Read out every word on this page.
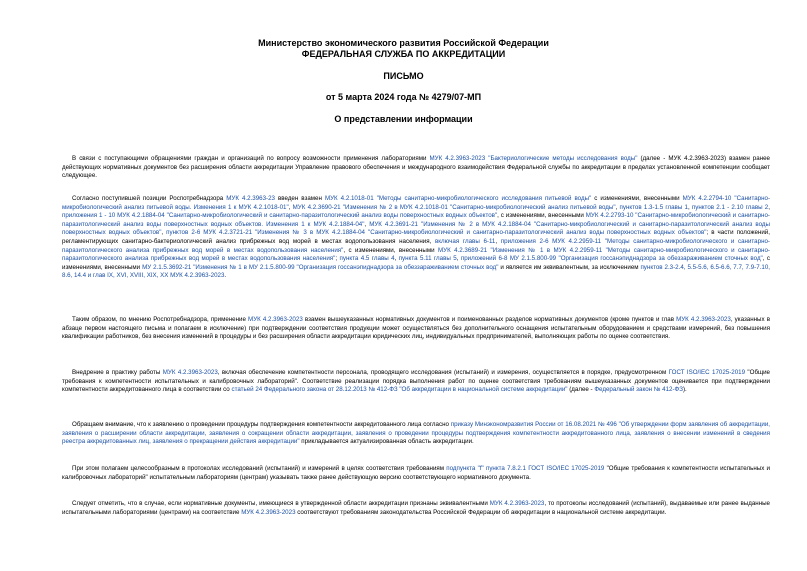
Министерство экономического развития Российской Федерации
ФЕДЕРАЛЬНАЯ СЛУЖБА ПО АККРЕДИТАЦИИ
ПИСЬМО
от 5 марта 2024 года № 4279/07-МП
О представлении информации

В связи с поступающими обращениями граждан и организаций по вопросу возможности применения лабораториями МУК 4.2.3963-2023 "Бактериологические методы исследования воды" (далее - МУК 4.2.3963-2023) взамен ранее действующих нормативных документов без расширения области аккредитации Управление правового обеспечения и международного взаимодействия Федеральной службы по аккредитации в пределах установленной компетенции сообщает следующее.

Согласно поступившей позиции Роспотребнадзора МУК 4.2.3963-23 введен взамен МУК 4.2.1018-01 "Методы санитарно-микробиологического исследования питьевой воды" с изменениями, внесенными МУК 4.2.2794-10 "Санитарно-микробиологический анализ питьевой воды. Изменения 1 к МУК 4.2.1018-01", МУК 4.2.3690-21 "Изменения № 2 в МУК 4.2.1018-01 "Санитарно-микробиологический анализ питьевой воды", пунктов 1.3-1.5 главы 1, пунктов 2.1 - 2.10 главы 2, приложения 1 - 10 МУК 4.2.1884-04 "Санитарно-микробиологический и санитарно-паразитологический анализ воды поверхностных водных объектов", с изменениями, внесенными МУК 4.2.2793-10 "Санитарно-микробиологический и санитарно-паразитологический анализ воды поверхностных водных объектов. Изменения 1 к МУК 4.2.1884-04", МУК 4.2.3691-21 "Изменения № 2 в МУК 4.2.1884-04 "Санитарно-микробиологический и санитарно-паразитологический анализ воды поверхностных водных объектов", пунктов 2-6 МУК 4.2.3721-21 "Изменения № 3 в МУК 4.2.1884-04 "Санитарно-микробиологический и санитарно-паразитологический анализ воды поверхностных водных объектов"; в части положений, регламентирующих санитарно-бактериологический анализ прибрежных вод морей в местах водопользования населения, включая главы 6-11, приложения 2-6 МУК 4.2.2959-11 "Методы санитарно-микробиологического и санитарно-паразитологического анализа прибрежных вод морей в местах водопользования населения", с изменениями, внесенными МУК 4.2.3689-21 "Изменения № 1 в МУК 4.2.2959-11 "Методы санитарно-микробиологического и санитарно-паразитологического анализа прибрежных вод морей в местах водопользования населения"; пункта 4.5 главы 4, пункта 5.11 главы 5, приложений 6-8 МУ 2.1.5.800-99 "Организация госсанэпиднадзора за обеззараживанием сточных вод", с изменениями, внесенными МУ 2.1.5.3692-21 "Изменения № 1 в МУ 2.1.5.800-99 "Организация госсанэпиднадзора за обеззараживанием сточных вод" и является им эквивалентным, за исключением пунктов 2.3-2.4, 5.5-5.6, 6.5-6.6, 7.7, 7.9-7.10, 8.6, 14.4 и глав IX, XVI, XVIII, XIX, XX МУК 4.2.3963-2023.

Таким образом, по мнению Роспотребнадзора, применение МУК 4.2.3963-2023 взамен вышеуказанных нормативных документов и поименованных разделов нормативных документов (кроме пунктов и глав МУК 4.2.3963-2023, указанных в абзаце первом настоящего письма и полагаем в исключение) при подтверждении соответствия продукции может осуществляться без дополнительного оснащения испытательным оборудованием и средствами измерений, без повышения квалификации работников, без внесения изменений в процедуры и без расширения области аккредитации юридических лиц, индивидуальных предпринимателей, выполняющих работы по оценке соответствия.

Внедрение в практику работы МУК 4.2.3963-2023, включая обеспечение компетентности персонала, проводящего исследования (испытаний) и измерения, осуществляется в порядке, предусмотренном ГОСТ ISO/IEC 17025-2019 "Общие требования к компетентности испытательных и калибровочных лабораторий". Соответствие реализации порядка выполнения работ по оценке соответствия требованиям вышеуказанных документов оценивается при подтверждении компетентности аккредитованного лица в соответствии со статьей 24 Федерального закона от 28.12.2013 № 412-ФЗ "Об аккредитации в национальной системе аккредитации" (далее - Федеральный закон № 412-ФЗ).

Обращаем внимание, что к заявлению о проведении процедуры подтверждения компетентности аккредитованного лица согласно приказу Минэкономразвития России от 16.08.2021 № 496 "Об утверждении форм заявления об аккредитации, заявления о расширении области аккредитации, заявления о сокращении области аккредитации, заявления о проведении процедуры подтверждения компетентности аккредитованного лица, заявления о внесении изменений в сведения реестра аккредитованных лиц, заявления о прекращении действия аккредитации" прикладывается актуализированная область аккредитации.

При этом полагаем целесообразным в протоколах исследований (испытаний) и измерений в целях соответствия требованиям подпункта "f" пункта 7.8.2.1 ГОСТ ISO/IEC 17025-2019 "Общие требования к компетентности испытательных и калибровочных лабораторий" испытательным лабораториям (центрам) указывать также ранее действующую версию соответствующего нормативного документа.

Следует отметить, что в случае, если нормативные документы, имеющиеся в утвержденной области аккредитации признаны эквивалентными МУК 4.2.3963-2023, то протоколы исследований (испытаний), выдаваемые или ранее выданные испытательными лабораториями (центрами) на соответствие МУК 4.2.3963-2023 соответствуют требованиям законодательства Российской Федерации об аккредитации в национальной системе аккредитации.
